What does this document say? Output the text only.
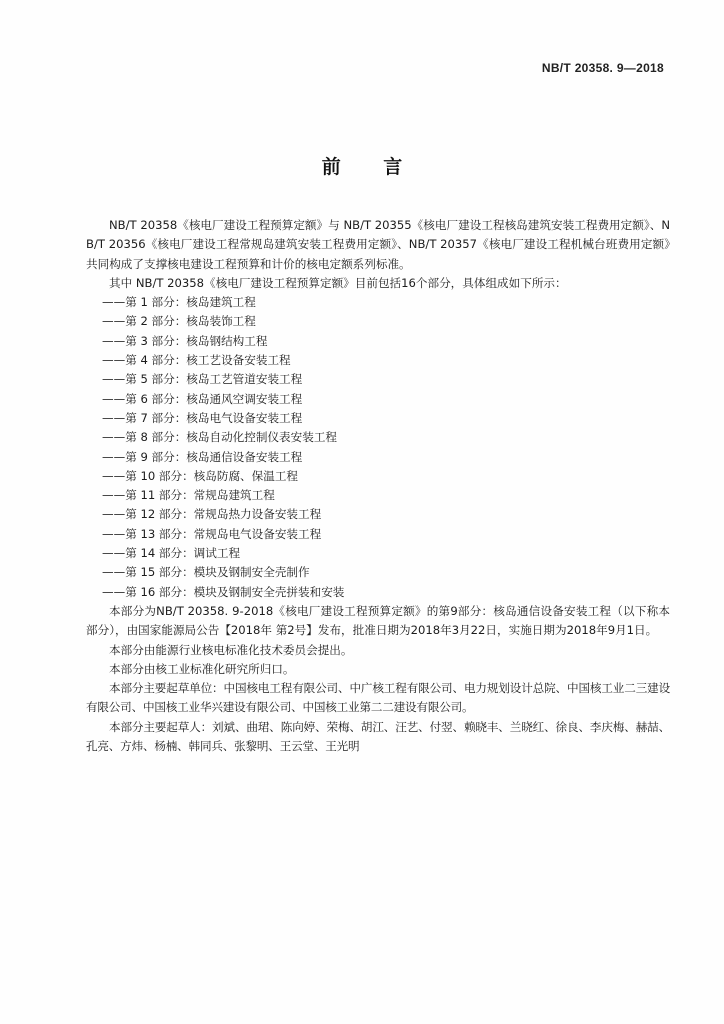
NB/T 20358. 9—2018
前 言

NB/T 20358《核电厂建设工程预算定额》与 NB/T 20355《核电厂建设工程核岛建筑安装工程费用定额》、NB/T 20356《核电厂建设工程常规岛建筑安装工程费用定额》、NB/T 20357《核电厂建设工程机械台班费用定额》共同构成了支撑核电建设工程预算和计价的核电定额系列标准。

其中 NB/T 20358《核电厂建设工程预算定额》目前包括16个部分，具体组成如下所示：

——第 1 部分：核岛建筑工程
——第 2 部分：核岛装饰工程
——第 3 部分：核岛钢结构工程
——第 4 部分：核工艺设备安装工程
——第 5 部分：核岛工艺管道安装工程
——第 6 部分：核岛通风空调安装工程
——第 7 部分：核岛电气设备安装工程
——第 8 部分：核岛自动化控制仪表安装工程
——第 9 部分：核岛通信设备安装工程
——第 10 部分：核岛防腐、保温工程
——第 11 部分：常规岛建筑工程
——第 12 部分：常规岛热力设备安装工程
——第 13 部分：常规岛电气设备安装工程
——第 14 部分：调试工程
——第 15 部分：模块及钢制安全壳制作
——第 16 部分：模块及钢制安全壳拼装和安装

本部分为NB/T 20358. 9-2018《核电厂建设工程预算定额》的第9部分：核岛通信设备安装工程（以下称本部分），由国家能源局公告【2018年 第2号】发布，批准日期为2018年3月22日，实施日期为2018年9月1日。

本部分由能源行业核电标准化技术委员会提出。

本部分由核工业标准化研究所归口。

本部分主要起草单位：中国核电工程有限公司、中广核工程有限公司、电力规划设计总院、中国核工业二三建设有限公司、中国核工业华兴建设有限公司、中国核工业第二二建设有限公司。

本部分主要起草人：刘斌、曲珺、陈向婷、荣梅、胡江、汪艺、付翌、赖晓丰、兰晓红、徐良、李庆梅、赫喆、孔亮、方炜、杨楠、韩同兵、张黎明、王云堂、王光明
